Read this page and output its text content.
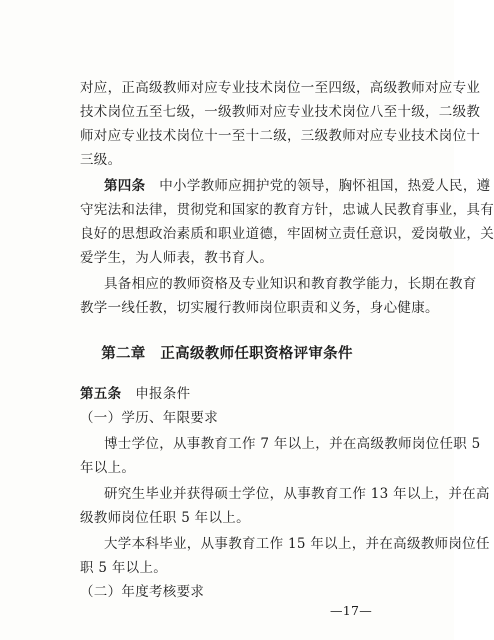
对应，正高级教师对应专业技术岗位一至四级，高级教师对应专业
技术岗位五至七级，一级教师对应专业技术岗位八至十级，二级教
师对应专业技术岗位十一至十二级，三级教师对应专业技术岗位十
三级。
第四条　 中小学教师应拥护党的领导，胸怀祖国，热爱人民，遵
守宪法和法律，贯彻党和国家的教育方针，忠诚人民教育事业，具有
良好的思想政治素质和职业道德，牢固树立责任意识，爱岗敬业，关
爱学生，为人师表，教书育人。
具备相应的教师资格及专业知识和教育教学能力，长期在教育
教学一线任教，切实履行教师岗位职责和义务，身心健康。
第二章　正高级教师任职资格评审条件
第五条　 申报条件
（一）学历、年限要求
博士学位，从事教育工作 7 年以上，并在高级教师岗位任职 5
年以上。
研究生毕业并获得硕士学位，从事教育工作 13 年以上，并在高
级教师岗位任职 5 年以上。
大学本科毕业，从事教育工作 15 年以上，并在高级教师岗位任
职 5 年以上。
（二）年度考核要求
—17—
